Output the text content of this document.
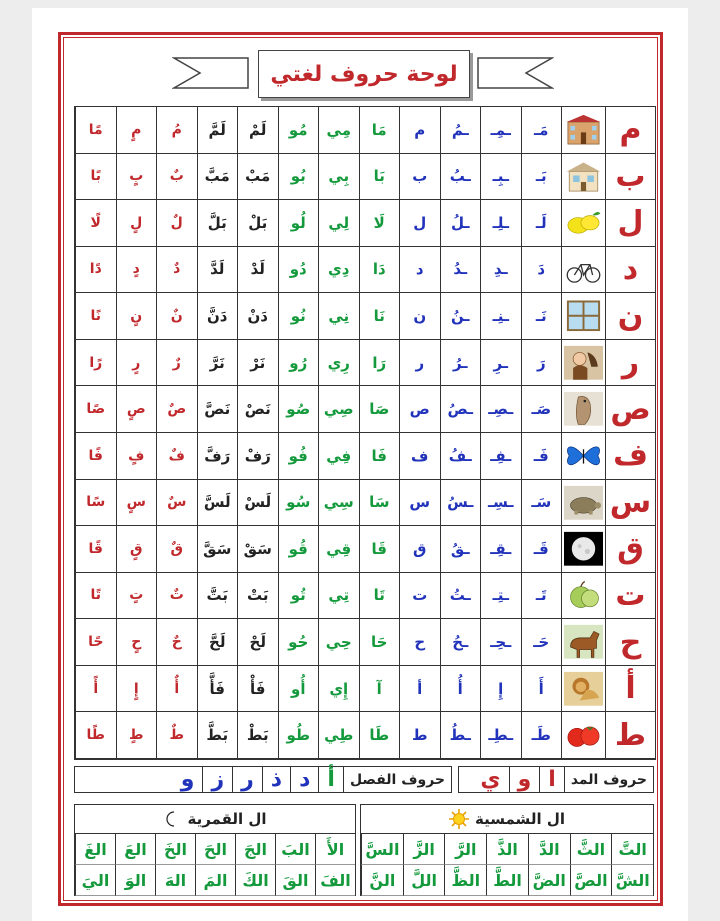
لوحة حروف لغتي
م
مَـ
ـمِـ
ـمُ
م
مَا
مِي
مُو
لَمْ
لَمَّ
مُ
مٍ
مًا
ب
بَـ
ـبِـ
ـبُ
ب
بَا
بِي
بُو
مَبْ
مَبَّ
بٌ
بٍ
بًا
ل
لَـ
ـلِـ
ـلُ
ل
لَا
لِي
لُو
بَلْ
بَلَّ
لٌ
لٍ
لًا
د
دَ
ـدِ
ـدُ
د
دَا
دِي
دُو
لَدْ
لَدَّ
دٌ
دٍ
دًا
ن
نَـ
ـنِـ
ـنُ
ن
نَا
نِي
نُو
دَنْ
دَنَّ
نٌ
نٍ
نًا
ر
رَ
ـرِ
ـرُ
ر
رَا
رِي
رُو
نَرْ
نَرَّ
رٌ
رٍ
رًا
ص
صَـ
ـصِـ
ـصُ
ص
صَا
صِي
صُو
نَصْ
نَصَّ
صٌ
صٍ
صًا
ف
فَـ
ـفِـ
ـفُ
ف
فَا
فِي
فُو
رَفْ
رَفَّ
فٌ
فٍ
فًا
س
سَـ
ـسِـ
ـسُ
س
سَا
سِي
سُو
لَسْ
لَسَّ
سٌ
سٍ
سًا
ق
قَـ
ـقِـ
ـقُ
ق
قَا
قِي
قُو
سَقْ
سَقَّ
قٌ
قٍ
قًا
ت
تَـ
ـتِـ
ـتُ
ت
تَا
تِي
تُو
بَتْ
بَتَّ
تٌ
تٍ
تًا
ح
حَـ
ـحِـ
ـحُ
ح
حَا
حِي
حُو
لَحْ
لَحَّ
حٌ
حٍ
حًا
أ
أَ
إِ
أُ
أ
آ
إِي
أُو
فَأْ
فَأَّ
أٌ
إٍ
أً
ط
طَـ
ـطِـ
ـطُ
ط
طَا
طِي
طُو
بَطْ
بَطَّ
طٌ
طٍ
طًا
حروف المد
ا
و
ي
حروف الفصل
أ
د
ذ
ر
ز
و
ال الشمسية
التَّ
الثَّ
الدَّ
الذَّ
الرَّ
الزَّ
السَّ
الشَّ
الصَّ
الضَّ
الطَّ
الظَّ
اللَّ
النَّ
ال القمرية
الأَ
البَ
الجَ
الحَ
الخَ
العَ
الغَ
الفَ
القَ
الكَ
المَ
الهَ
الوَ
اليَ
